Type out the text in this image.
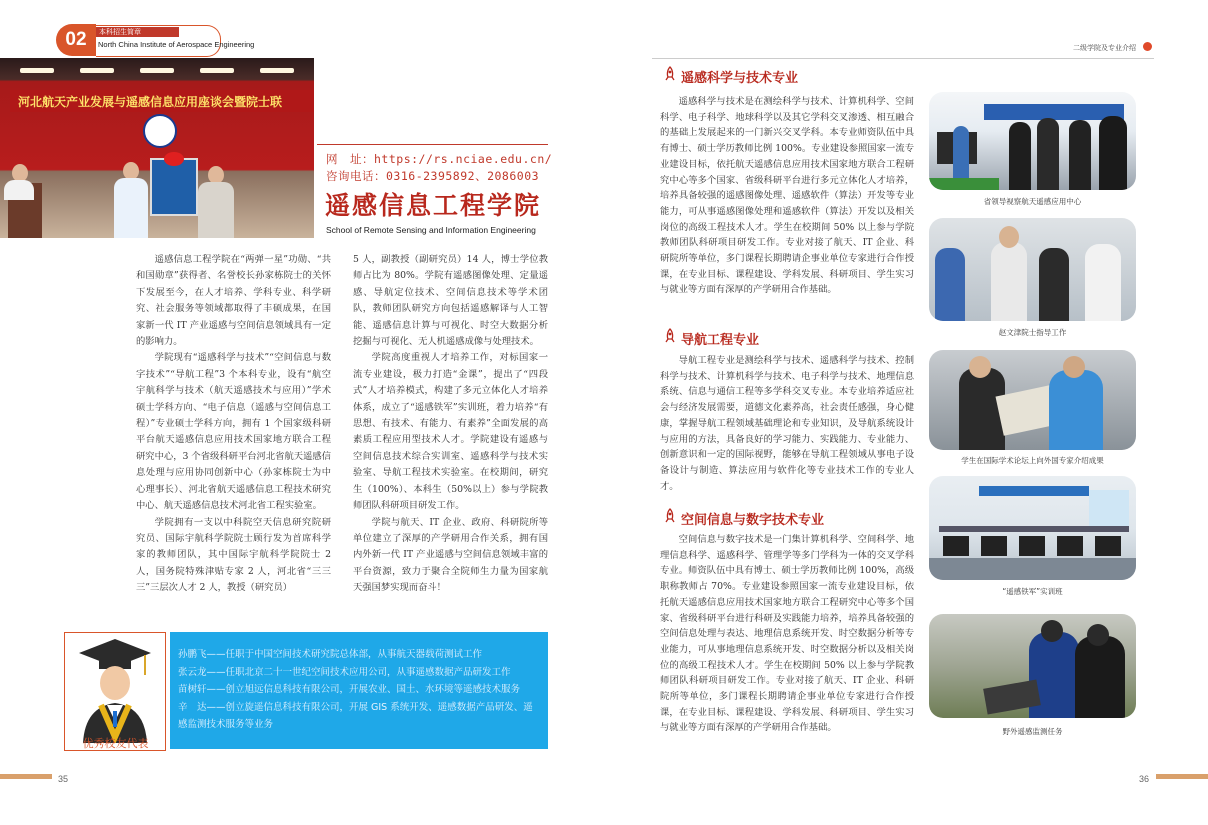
02	本科招生简章
North China Institute of Aerospace Engineering
河北航天产业发展与遥感信息应用座谈会暨院士联
网　址：https://rs.nciae.edu.cn/
咨询电话：0316-2395892、2086003
遥感信息工程学院
School of Remote Sensing and Information Engineering

遥感信息工程学院在“两弹一星”功勋、“共和国勋章”获得者、名誉校长孙家栋院士的关怀下发展至今，在人才培养、学科专业、科学研究、社会服务等领域都取得了丰硕成果，在国家新一代 IT 产业遥感与空间信息领域具有一定的影响力。

学院现有“遥感科学与技术”“空间信息与数字技术”“导航工程”3 个本科专业，设有“航空宇航科学与技术（航天遥感技术与应用）”学术硕士学科方向、“电子信息（遥感与空间信息工程）”专业硕士学科方向，拥有 1 个国家级科研平台航天遥感信息应用技术国家地方联合工程研究中心，3 个省级科研平台河北省航天遥感信息处理与应用协同创新中心（孙家栋院士为中心理事长）、河北省航天遥感信息工程技术研究中心、航天遥感信息技术河北省工程实验室。

学院拥有一支以中科院空天信息研究院研究员、国际宇航科学院院士顾行发为首席科学家的教师团队，其中国际宇航科学院院士 2 人，国务院特殊津贴专家 2 人，河北省“三三三”三层次人才 2 人，教授（研究员）

5 人，副教授（副研究员）14 人，博士学位教师占比为 80%。学院有遥感图像处理、定量遥感、导航定位技术、空间信息技术等学术团队，教师团队研究方向包括遥感解译与人工智能、遥感信息计算与可视化、时空大数据分析挖掘与可视化、无人机遥感成像与处理技术。

学院高度重视人才培养工作，对标国家一流专业建设，极力打造“金课”，提出了“四段式”人才培养模式，构建了多元立体化人才培养体系，成立了“遥感铁军”实训班，着力培养“有思想、有技术、有能力、有素养”全面发展的高素质工程应用型技术人才。学院建设有遥感与空间信息技术综合实训室、遥感科学与技术实验室、导航工程技术实验室。在校期间，研究生（100%）、本科生（50%以上）参与学院教师团队科研项目研发工作。

学院与航天、IT 企业、政府、科研院所等单位建立了深厚的产学研用合作关系，拥有国内外新一代 IT 产业遥感与空间信息领域丰富的平台资源，致力于聚合全院师生力量为国家航天强国梦实现而奋斗！

优秀校友代表
孙鹏飞——任职于中国空间技术研究院总体部，从事航天器载荷测试工作
张云龙——任职北京二十一世纪空间技术应用公司，从事遥感数据产品研发工作
苗树轩——创立旭远信息科技有限公司，开展农业、国土、水环境等遥感技术服务
辛　达——创立旋遥信息科技有限公司，开展 GIS 系统开发、遥感数据产品研发、遥感监测技术服务等业务
35	36
二级学院及专业介绍
遥感科学与技术专业

遥感科学与技术是在测绘科学与技术、计算机科学、空间科学、电子科学、地球科学以及其它学科交叉渗透、相互融合的基础上发展起来的一门新兴交叉学科。本专业师资队伍中具有博士、硕士学历教师比例 100%。专业建设参照国家一流专业建设目标，依托航天遥感信息应用技术国家地方联合工程研究中心等多个国家、省级科研平台进行多元立体化人才培养，培养具备较强的遥感图像处理、遥感软件（算法）开发等专业能力，可从事遥感图像处理和遥感软件（算法）开发以及相关岗位的高级工程技术人才。学生在校期间 50% 以上参与学院教师团队科研项目研发工作。专业对接了航天、IT 企业、科研院所等单位，多门课程长期聘请企事业单位专家进行合作授课，在专业目标、课程建设、学科发展、科研项目、学生实习与就业等方面有深厚的产学研用合作基础。

导航工程专业

导航工程专业是测绘科学与技术、遥感科学与技术、控制科学与技术、计算机科学与技术、电子科学与技术、地理信息系统、信息与通信工程等多学科交叉专业。本专业培养适应社会与经济发展需要，道德文化素养高，社会责任感强，身心健康，掌握导航工程领域基础理论和专业知识，及导航系统设计与应用的方法，具备良好的学习能力、实践能力、专业能力、创新意识和一定的国际视野，能够在导航工程领域从事电子设备设计与制造、算法应用与软件化等专业技术工作的专业人才。

空间信息与数字技术专业

空间信息与数字技术是一门集计算机科学、空间科学、地理信息科学、遥感科学、管理学等多门学科为一体的交叉学科专业。师资队伍中具有博士、硕士学历教师比例 100%，高级职称教师占 70%。专业建设参照国家一流专业建设目标，依托航天遥感信息应用技术国家地方联合工程研究中心等多个国家、省级科研平台进行科研及实践能力培养，培养具备较强的空间信息处理与表达、地理信息系统开发、时空数据分析等专业能力，可从事地理信息系统开发、时空数据分析以及相关岗位的高级工程技术人才。学生在校期间 50% 以上参与学院教师团队科研项目研发工作。专业对接了航天、IT 企业、科研院所等单位，多门课程长期聘请企事业单位专家进行合作授课，在专业目标、课程建设、学科发展、科研项目、学生实习与就业等方面有深厚的产学研用合作基础。

省领导视察航天遥感应用中心
赵文津院士指导工作
学生在国际学术论坛上向外国专家介绍成果
“遥感铁军”实训班
野外遥感监测任务
